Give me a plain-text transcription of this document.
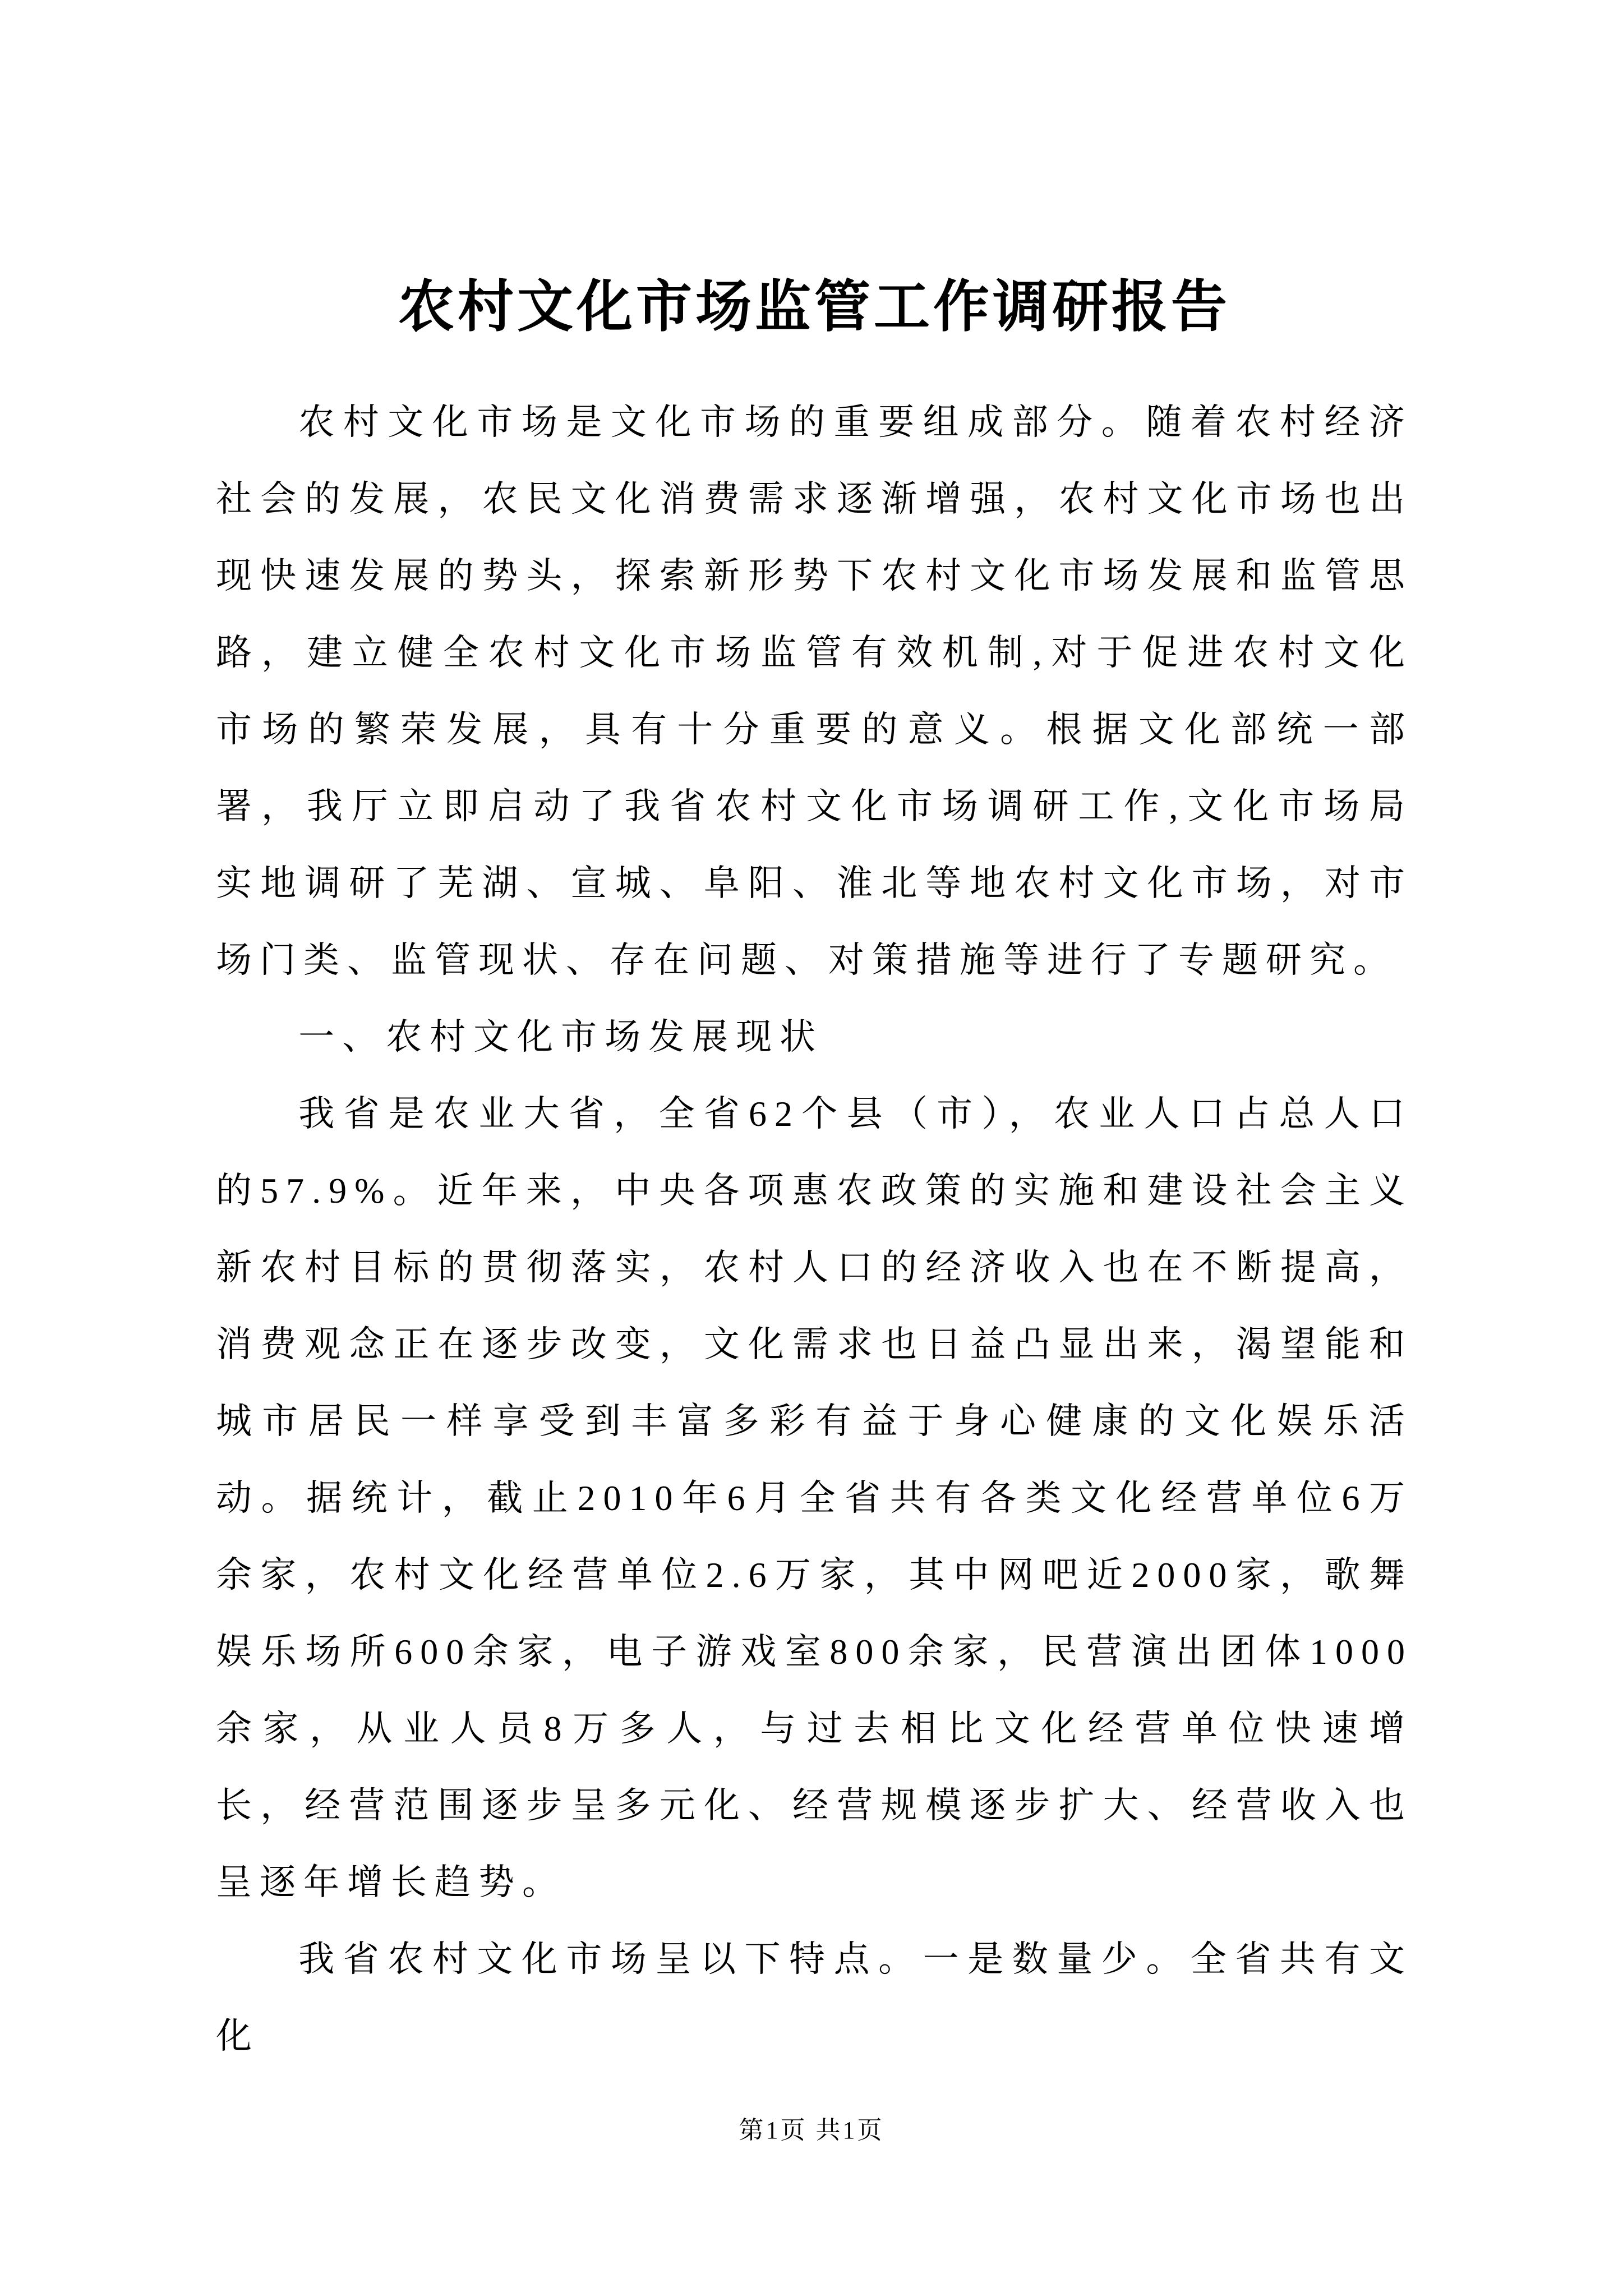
农村文化市场监管工作调研报告

农村文化市场是文化市场的重要组成部分。随着农村经济社会的发展，农民文化消费需求逐渐增强，农村文化市场也出现快速发展的势头，探索新形势下农村文化市场发展和监管思路，建立健全农村文化市场监管有效机制,对于促进农村文化市场的繁荣发展，具有十分重要的意义。根据文化部统一部署，我厅立即启动了我省农村文化市场调研工作,文化市场局实地调研了芜湖、宣城、阜阳、淮北等地农村文化市场，对市场门类、监管现状、存在问题、对策措施等进行了专题研究。

一、农村文化市场发展现状

我省是农业大省，全省62个县（市），农业人口占总人口的57.9%。近年来，中央各项惠农政策的实施和建设社会主义新农村目标的贯彻落实，农村人口的经济收入也在不断提高，消费观念正在逐步改变，文化需求也日益凸显出来，渴望能和城市居民一样享受到丰富多彩有益于身心健康的文化娱乐活动。据统计，截止2010年6月全省共有各类文化经营单位6万余家，农村文化经营单位2.6万家，其中网吧近2000家，歌舞娱乐场所600余家，电子游戏室800余家，民营演出团体1000余家，从业人员8万多人，与过去相比文化经营单位快速增长，经营范围逐步呈多元化、经营规模逐步扩大、经营收入也呈逐年增长趋势。

我省农村文化市场呈以下特点。一是数量少。全省共有文化

第1页 共1页
